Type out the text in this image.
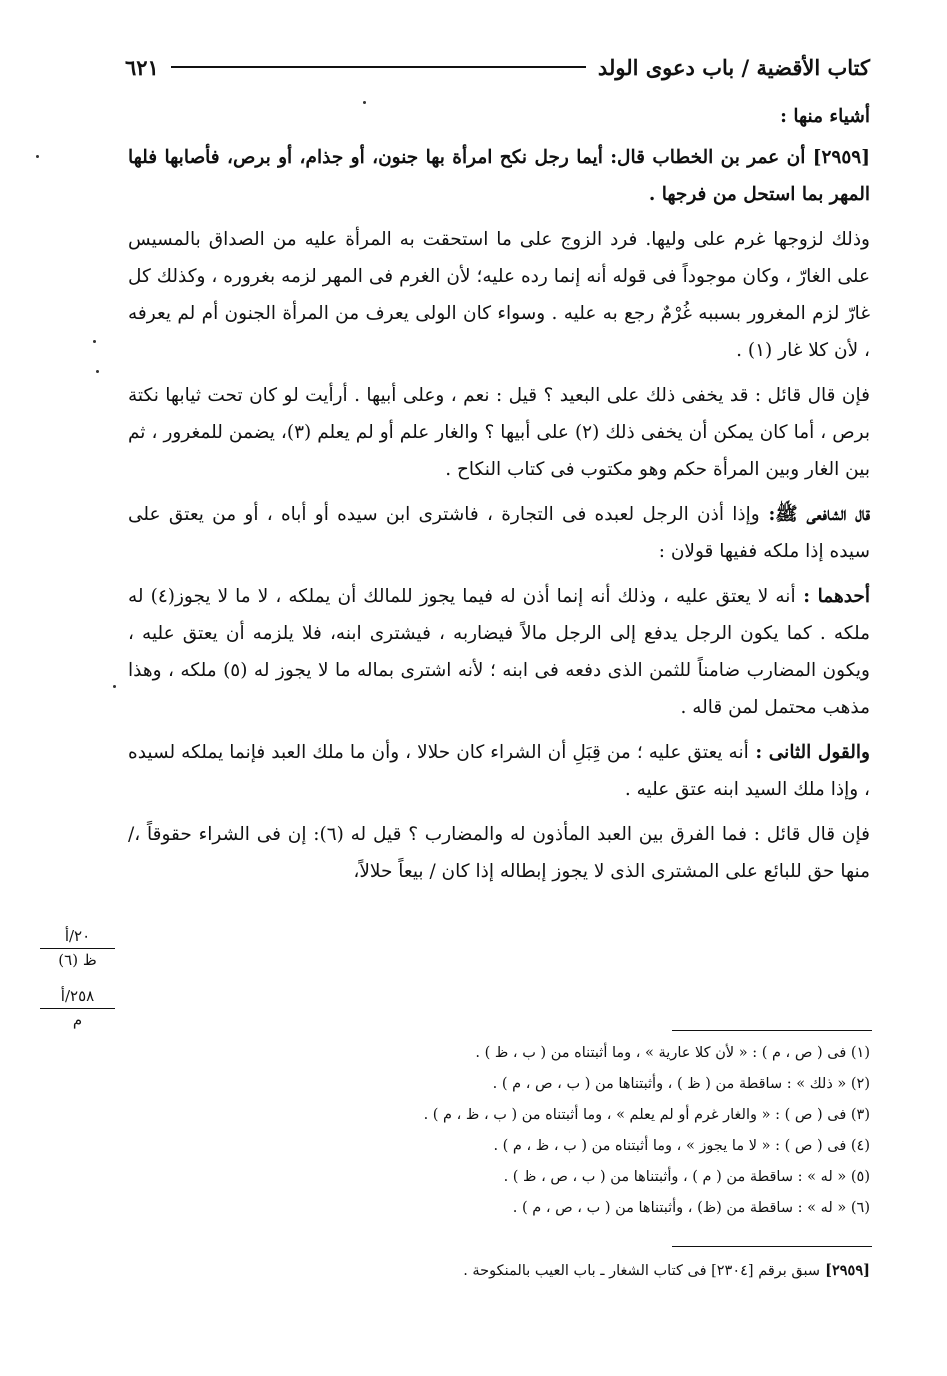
كتاب الأقضية / باب دعوى الولد
٦٢١

أشياء منها :

[٢٩٥٩] أن عمر بن الخطاب قال: أيما رجل نكح امرأة بها جنون، أو جذام، أو برص، فأصابها فلها المهر بما استحل من فرجها .

وذلك لزوجها غرم على وليها. فرد الزوج على ما استحقت به المرأة عليه من الصداق بالمسيس على الغارّ ، وكان موجوداً فى قوله أنه إنما رده عليه؛ لأن الغرم فى المهر لزمه بغروره ، وكذلك كل غارّ لزم المغرور بسببه غُرْمٌ رجع به عليه . وسواء كان الولى يعرف من المرأة الجنون أم لم يعرفه ، لأن كلا غار (١) .

فإن قال قائل : قد يخفى ذلك على البعيد ؟ قيل : نعم ، وعلى أبيها . أرأيت لو كان تحت ثيابها نكتة برص ، أما كان يمكن أن يخفى ذلك (٢) على أبيها ؟ والغار علم أو لم يعلم (٣)، يضمن للمغرور ، ثم بين الغار وبين المرأة حكم وهو مكتوب فى كتاب النكاح .

قال الشافعى ﷺ: وإذا أذن الرجل لعبده فى التجارة ، فاشترى ابن سيده أو أباه ، أو من يعتق على سيده إذا ملكه ففيها قولان :

أحدهما : أنه لا يعتق عليه ، وذلك أنه إنما أذن له فيما يجوز للمالك أن يملكه ، لا ما لا يجوز(٤) له ملكه . كما يكون الرجل يدفع إلى الرجل مالاً فيضاربه ، فيشترى ابنه، فلا يلزمه أن يعتق عليه ، ويكون المضارب ضامناً للثمن الذى دفعه فى ابنه ؛ لأنه اشترى بماله ما لا يجوز له (٥) ملكه ، وهذا مذهب محتمل لمن قاله .

والقول الثانى : أنه يعتق عليه ؛ من قِبَلِ أن الشراء كان حلالا ، وأن ما ملك العبد فإنما يملكه لسيده ، وإذا ملك السيد ابنه عتق عليه .

فإن قال قائل : فما الفرق بين العبد المأذون له والمضارب ؟ قيل له (٦): إن فى الشراء حقوقاً ،/منها حق للبائع على المشترى الذى لا يجوز إبطاله إذا كان / بيعاً حلالاً،

٢٠/أ
ظ (٦)
٢٥٨/أ
م
(١) فى ( ص ، م ) : « لأن كلا عارية » ، وما أثبتناه من ( ب ، ظ ) .
(٢) « ذلك » : ساقطة من ( ظ ) ، وأثبتناها من ( ب ، ص ، م ) .
(٣) فى ( ص ) : « والغار غرم أو لم يعلم » ، وما أثبتناه من ( ب ، ظ ، م ) .
(٤) فى ( ص ) : « لا ما يجوز » ، وما أثبتناه من ( ب ، ظ ، م ) .
(٥) « له » : ساقطة من ( م ) ، وأثبتناها من ( ب ، ص ، ظ ) .
(٦) « له » : ساقطة من (ظ) ، وأثبتناها من ( ب ، ص ، م ) .
[٢٩٥٩] سبق برقم [٢٣٠٤] فى كتاب الشغار ـ باب العيب بالمنكوحة .
